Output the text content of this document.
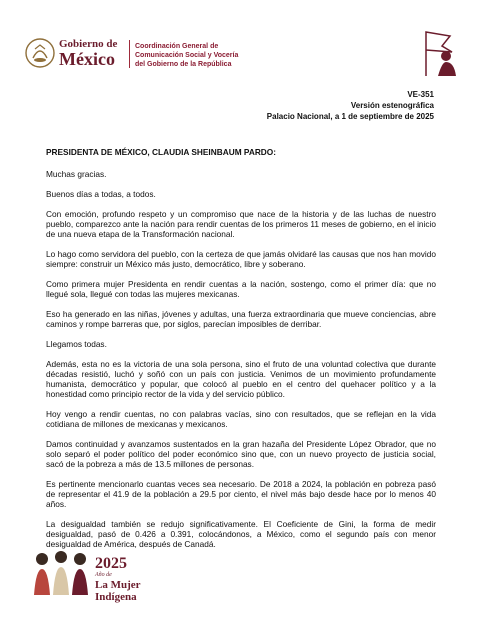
Gobierno de
México
Coordinación General de
Comunicación Social y Vocería
del Gobierno de la República
VE-351
Versión estenográfica
Palacio Nacional, a 1 de septiembre de 2025

PRESIDENTA DE MÉXICO, CLAUDIA SHEINBAUM PARDO:

Muchas gracias.

Buenos días a todas, a todos.

Con emoción, profundo respeto y un compromiso que nace de la historia y de las luchas de nuestro pueblo, comparezco ante la nación para rendir cuentas de los primeros 11 meses de gobierno, en el inicio de una nueva etapa de la Transformación nacional.

Lo hago como servidora del pueblo, con la certeza de que jamás olvidaré las causas que nos han movido siempre: construir un México más justo, democrático, libre y soberano.

Como primera mujer Presidenta en rendir cuentas a la nación, sostengo, como el primer día: que no llegué sola, llegué con todas las mujeres mexicanas.

Eso ha generado en las niñas, jóvenes y adultas, una fuerza extraordinaria que mueve conciencias, abre caminos y rompe barreras que, por siglos, parecían imposibles de derribar.

Llegamos todas.

Además, esta no es la victoria de una sola persona, sino el fruto de una voluntad colectiva que durante décadas resistió, luchó y soñó con un país con justicia. Venimos de un movimiento profundamente humanista, democrático y popular, que colocó al pueblo en el centro del quehacer político y a la honestidad como principio rector de la vida y del servicio público.

Hoy vengo a rendir cuentas, no con palabras vacías, sino con resultados, que se reflejan en la vida cotidiana de millones de mexicanas y mexicanos.

Damos continuidad y avanzamos sustentados en la gran hazaña del Presidente López Obrador, que no solo separó el poder político del poder económico sino que, con un nuevo proyecto de justicia social, sacó de la pobreza a más de 13.5 millones de personas.

Es pertinente mencionarlo cuantas veces sea necesario. De 2018 a 2024, la población en pobreza pasó de representar el 41.9 de la población a 29.5 por ciento, el nivel más bajo desde hace por lo menos 40 años.

La desigualdad también se redujo significativamente. El Coeficiente de Gini, la forma de medir desigualdad, pasó de 0.426 a 0.391, colocándonos, a México, como el segundo país con menor desigualdad de América, después de Canadá.

2025
Año de
La Mujer
Indígena
